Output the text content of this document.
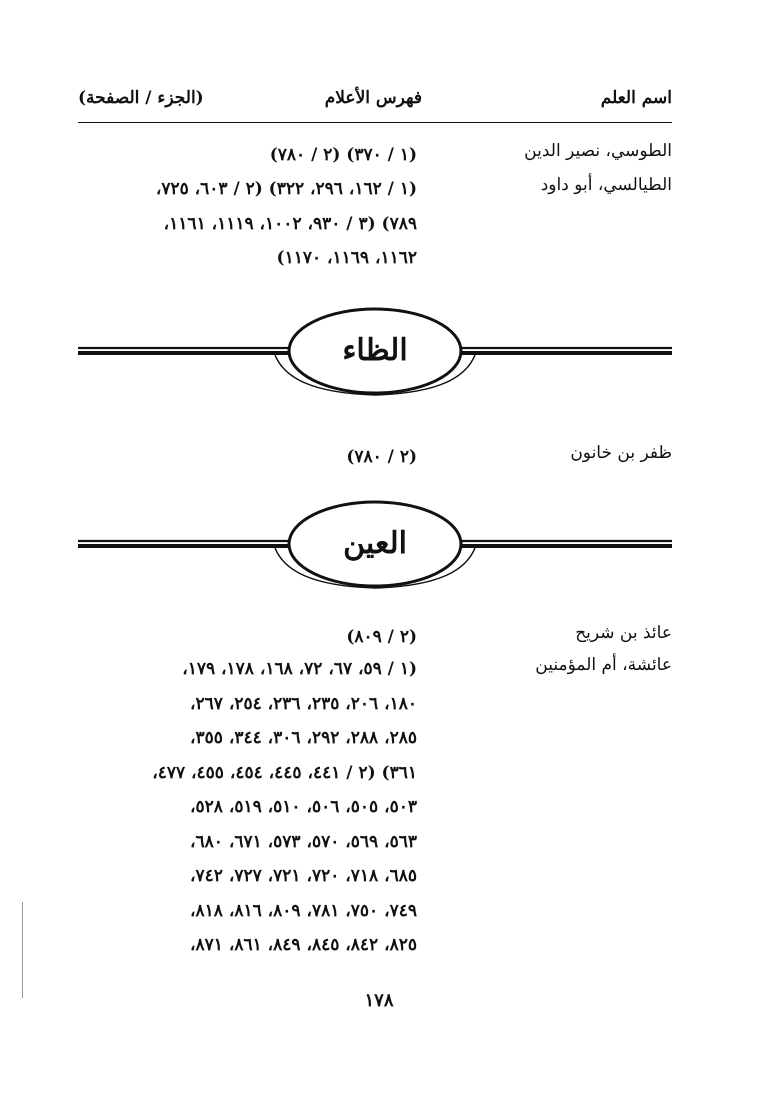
اسم العلم
فهرس الأعلام
(الجزء / الصفحة)
الطوسي، نصير الدين
(١ / ٣٧٠) (٢ / ٧٨٠)
الطيالسي، أبو داود
(١ / ١٦٢، ٢٩٦، ٣٢٢) (٢ / ٦٠٣، ٧٢٥،
٧٨٩) (٣ / ٩٣٠، ١٠٠٢، ١١١٩، ١١٦١،
١١٦٢، ١١٦٩، ١١٧٠)
الظاء
ظفر بن خانون
(٢ / ٧٨٠)
العين
عائذ بن شريح
(٢ / ٨٠٩)
عائشة، أم المؤمنين
(١ / ٥٩، ٦٧، ٧٢، ١٦٨، ١٧٨، ١٧٩،
١٨٠، ٢٠٦، ٢٣٥، ٢٣٦، ٢٥٤، ٢٦٧،
٢٨٥، ٢٨٨، ٢٩٢، ٣٠٦، ٣٤٤، ٣٥٥،
٣٦١) (٢ / ٤٤١، ٤٤٥، ٤٥٤، ٤٥٥، ٤٧٧،
٥٠٣، ٥٠٥، ٥٠٦، ٥١٠، ٥١٩، ٥٢٨،
٥٦٣، ٥٦٩، ٥٧٠، ٥٧٣، ٦٧١، ٦٨٠،
٦٨٥، ٧١٨، ٧٢٠، ٧٢١، ٧٢٧، ٧٤٢،
٧٤٩، ٧٥٠، ٧٨١، ٨٠٩، ٨١٦، ٨١٨،
٨٢٥، ٨٤٢، ٨٤٥، ٨٤٩، ٨٦١، ٨٧١،
١٧٨
